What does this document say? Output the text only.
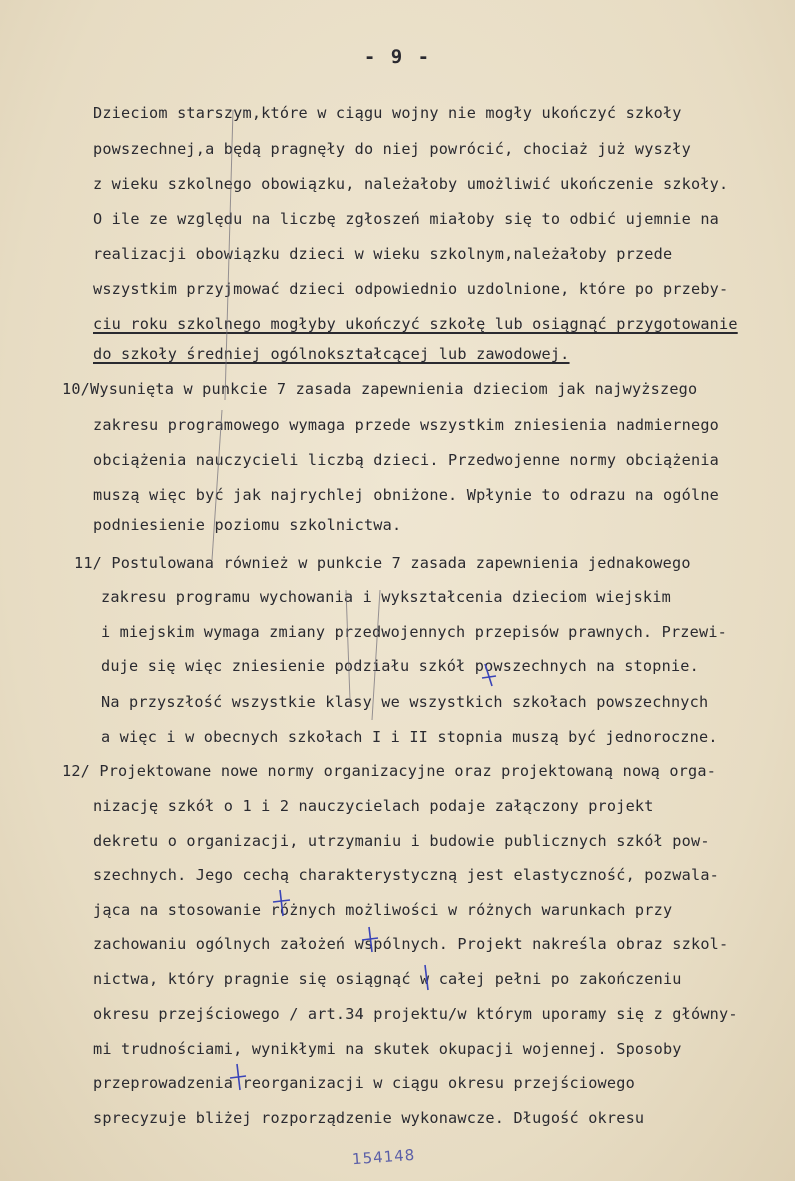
- 9 -
Dzieciom starszym,które w ciągu wojny nie mogły ukończyć szkoły
powszechnej,a będą pragnęły do niej powrócić, chociaż już wyszły
z wieku szkolnego obowiązku, należałoby umożliwić ukończenie szkoły.
O ile ze względu na liczbę zgłoszeń miałoby się to odbić ujemnie na
realizacji obowiązku dzieci w wieku szkolnym,należałoby przede
wszystkim przyjmować dzieci odpowiednio uzdolnione, które po przeby-
ciu roku szkolnego mogłyby ukończyć szkołę lub osiągnąć przygotowanie
do szkoły średniej ogólnokształcącej lub zawodowej.
10/Wysunięta w punkcie 7 zasada zapewnienia dzieciom jak najwyższego
zakresu programowego wymaga przede wszystkim zniesienia nadmiernego
obciążenia nauczycieli liczbą dzieci. Przedwojenne normy obciążenia
muszą więc być jak najrychlej obniżone. Wpłynie to odrazu na ogólne
podniesienie poziomu szkolnictwa.
11/ Postulowana również w punkcie 7 zasada zapewnienia jednakowego
zakresu programu wychowania i wykształcenia dzieciom wiejskim
i miejskim wymaga zmiany przedwojennych przepisów prawnych. Przewi-
duje się więc zniesienie podziału szkół powszechnych na stopnie.
Na przyszłość wszystkie klasy we wszystkich szkołach powszechnych
a więc i w obecnych szkołach I i II stopnia muszą być jednoroczne.
12/ Projektowane nowe normy organizacyjne oraz projektowaną nową orga-
nizację szkół o 1 i 2 nauczycielach podaje załączony projekt
dekretu o organizacji, utrzymaniu i budowie publicznych szkół pow-
szechnych. Jego cechą charakterystyczną jest elastyczność, pozwala-
jąca na stosowanie różnych możliwości w różnych warunkach przy
zachowaniu ogólnych założeń wspólnych. Projekt nakreśla obraz szkol-
nictwa, który pragnie się osiągnąć w całej pełni po zakończeniu
okresu przejściowego / art.34 projektu/w którym uporamy się z główny-
mi trudnościami, wynikłymi na skutek okupacji wojennej. Sposoby
przeprowadzenia reorganizacji w ciągu okresu przejściowego
sprecyzuje bliżej rozporządzenie wykonawcze. Długość okresu
154148
